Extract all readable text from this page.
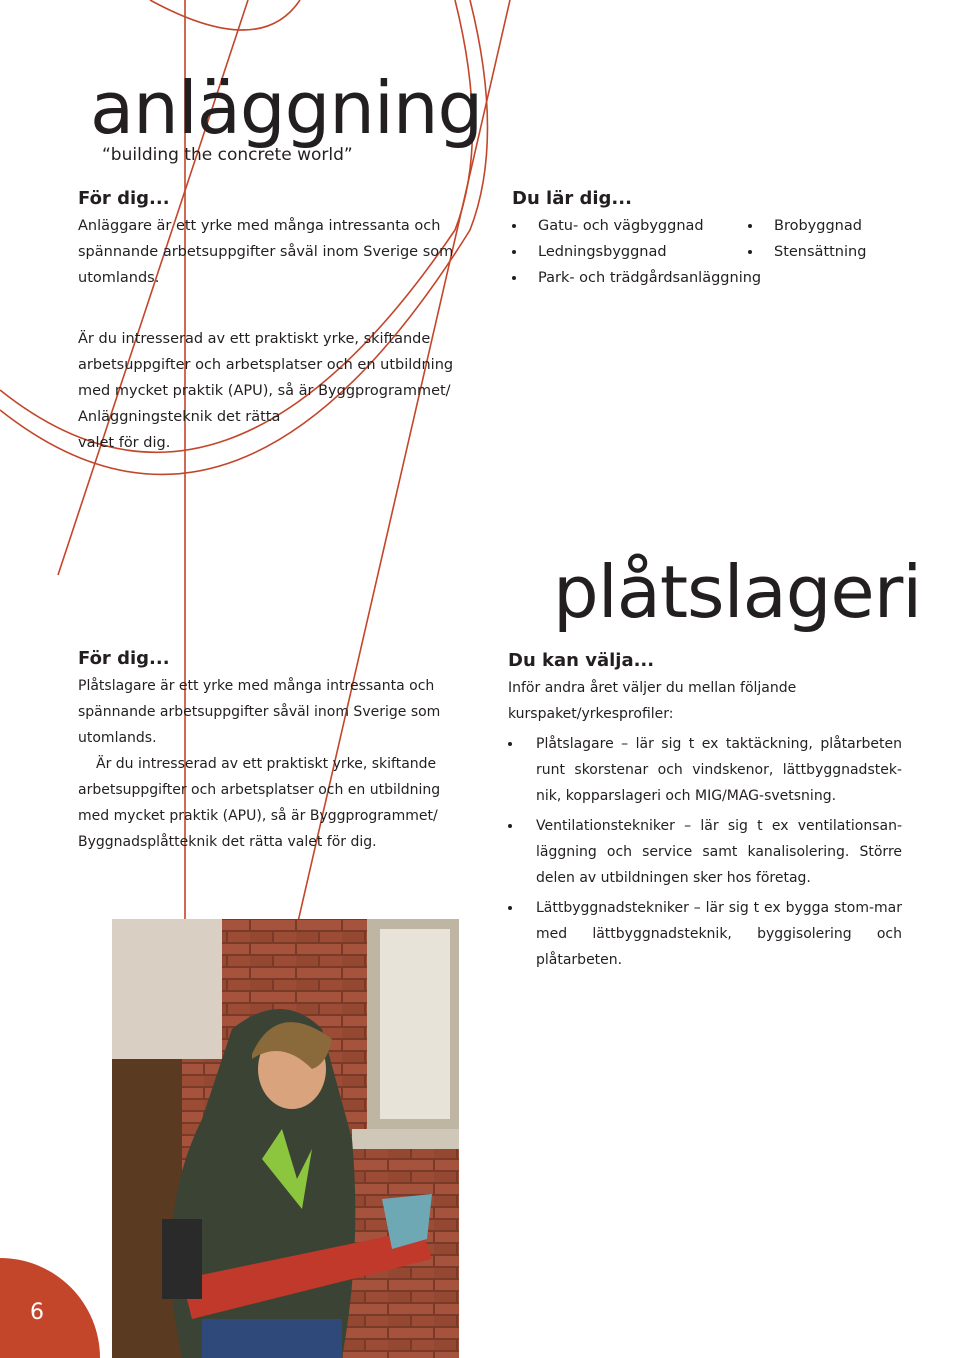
anläggning
“building the concrete world”
För dig...

Anläggare är ett yrke med många intressanta och

spännande arbetsuppgifter såväl inom Sverige som

utomlands.

Du lär dig...
Gatu- och vägbyggnad
Ledningsbyggnad
Park- och trädgårdsanläggning
Brobyggnad
Stensättning

Är du intresserad av ett praktiskt yrke, skiftande

arbetsuppgifter och arbetsplatser och en utbildning

med mycket praktik (APU), så är Byggprogrammet/

Anläggningsteknik det rätta

valet för dig.

plåtslageri
För dig...

Plåtslagare är ett yrke med många intressanta och

spännande arbetsuppgifter såväl inom Sverige som

utomlands.

Är du intresserad av ett praktiskt yrke, skiftande

arbetsuppgifter och arbetsplatser och en utbildning

med mycket praktik (APU), så är Byggprogrammet/

Byggnadsplåtteknik det rätta valet för dig.

Du kan välja...

Inför andra året väljer du mellan följande

kurspaket/yrkesprofiler:

Plåtslagare – lär sig t ex taktäckning, plåtarbeten runt skorstenar och vindskenor, lättbyggnadstek-nik, kopparslageri och MIG/MAG-svetsning.
Ventilationstekniker – lär sig t ex ventilationsan-läggning och service samt kanalisolering. Större delen av utbildningen sker hos företag.
Lättbyggnadstekniker – lär sig t ex bygga stom-mar med lättbyggnadsteknik, byggisolering och plåtarbeten.
6
